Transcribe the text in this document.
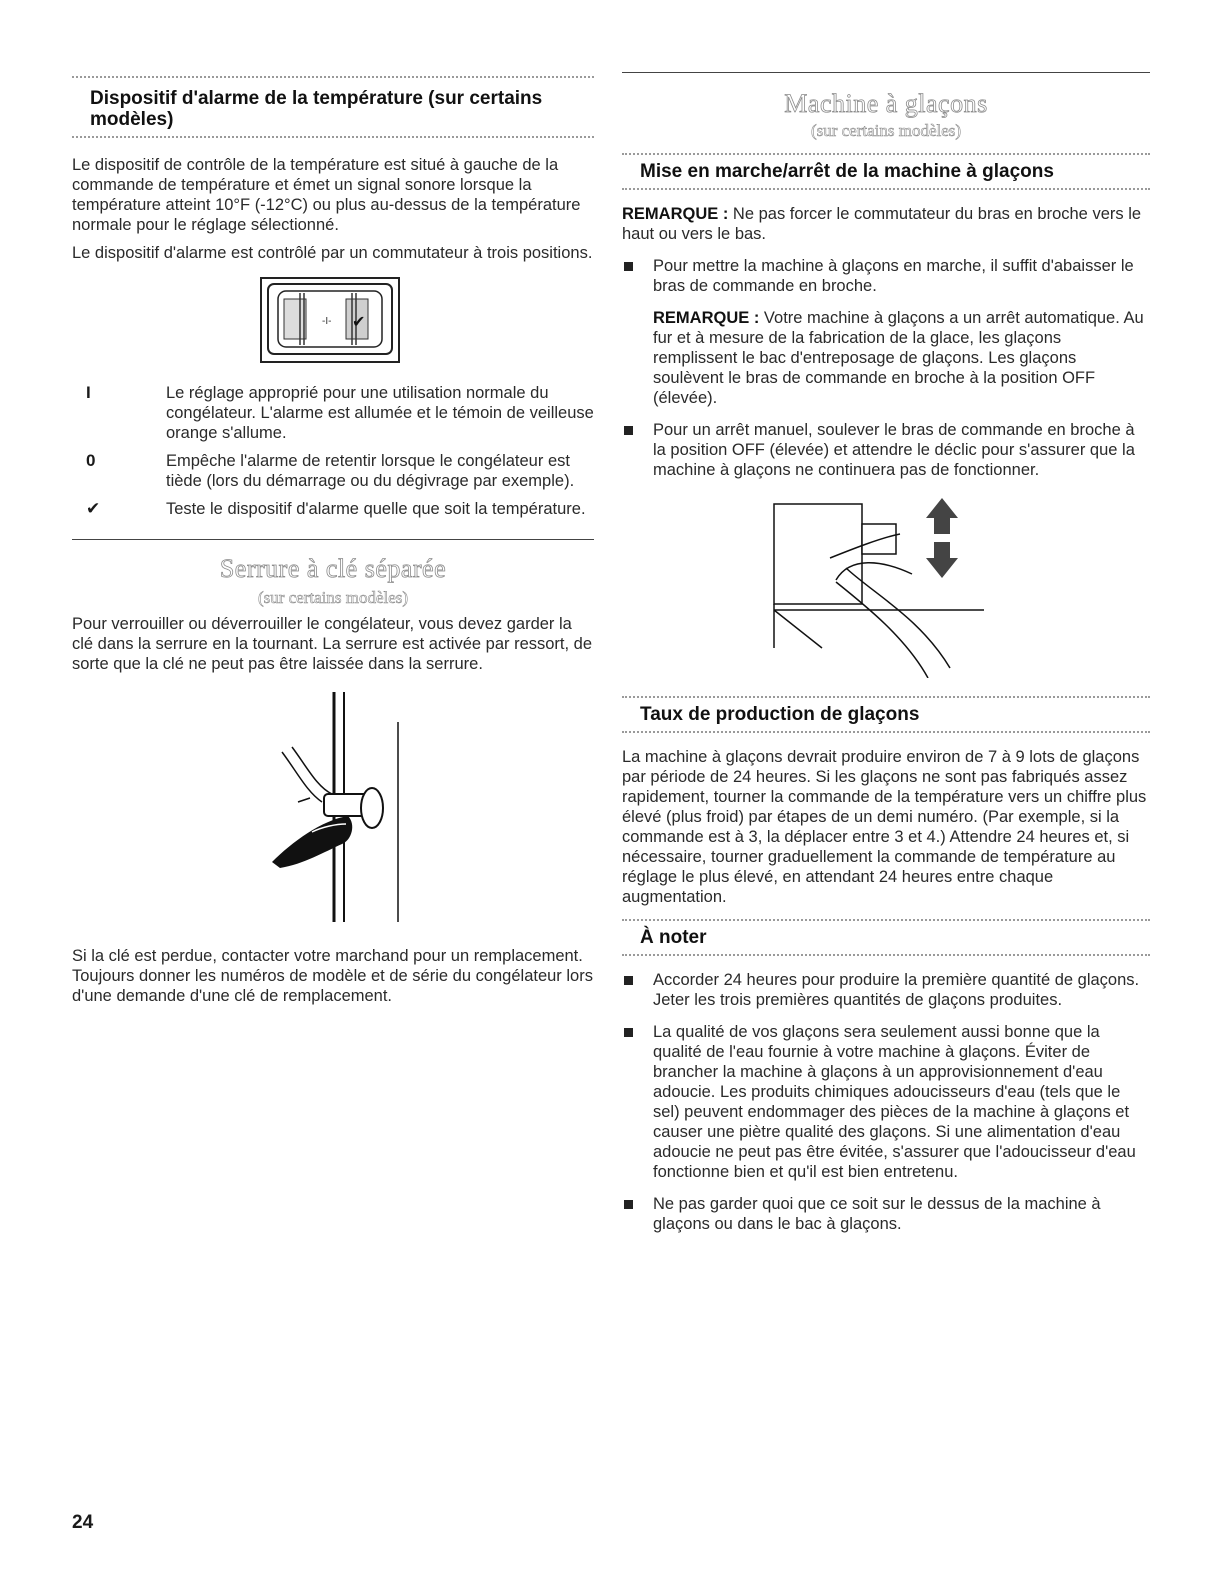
Dispositif d'alarme de la température (sur certains modèles)

Le dispositif de contrôle de la température est situé à gauche de la commande de température et émet un signal sonore lorsque la température atteint 10°F (-12°C) ou plus au-dessus de la température normale pour le réglage sélectionné.

Le dispositif d'alarme est contrôlé par un commutateur à trois positions.

-I- ✔
I	Le réglage approprié pour une utilisation normale du congélateur. L'alarme est allumée et le témoin de veilleuse orange s'allume.
0	Empêche l'alarme de retentir lorsque le congélateur est tiède (lors du démarrage ou du dégivrage par exemple).
✔	Teste le dispositif d'alarme quelle que soit la température.
Serrure à clé séparée
(sur certains modèles)

Pour verrouiller ou déverrouiller le congélateur, vous devez garder la clé dans la serrure en la tournant. La serrure est activée par ressort, de sorte que la clé ne peut pas être laissée dans la serrure.

Si la clé est perdue, contacter votre marchand pour un remplacement. Toujours donner les numéros de modèle et de série du congélateur lors d'une demande d'une clé de remplacement.

Machine à glaçons
(sur certains modèles)
Mise en marche/arrêt de la machine à glaçons

REMARQUE : Ne pas forcer le commutateur du bras en broche vers le haut ou vers le bas.

Pour mettre la machine à glaçons en marche, il suffit d'abaisser le bras de commande en broche.
REMARQUE : Votre machine à glaçons a un arrêt automatique. Au fur et à mesure de la fabrication de la glace, les glaçons remplissent le bac d'entreposage de glaçons. Les glaçons soulèvent le bras de commande en broche à la position OFF (élevée).
Pour un arrêt manuel, soulever le bras de commande en broche à la position OFF (élevée) et attendre le déclic pour s'assurer que la machine à glaçons ne continuera pas de fonctionner.
Taux de production de glaçons

La machine à glaçons devrait produire environ de 7 à 9 lots de glaçons par période de 24 heures. Si les glaçons ne sont pas fabriqués assez rapidement, tourner la commande de la température vers un chiffre plus élevé (plus froid) par étapes de un demi numéro. (Par exemple, si la commande est à 3, la déplacer entre 3 et 4.) Attendre 24 heures et, si nécessaire, tourner graduellement la commande de température au réglage le plus élevé, en attendant 24 heures entre chaque augmentation.

À noter
Accorder 24 heures pour produire la première quantité de glaçons. Jeter les trois premières quantités de glaçons produites.
La qualité de vos glaçons sera seulement aussi bonne que la qualité de l'eau fournie à votre machine à glaçons. Éviter de brancher la machine à glaçons à un approvisionnement d'eau adoucie. Les produits chimiques adoucisseurs d'eau (tels que le sel) peuvent endommager des pièces de la machine à glaçons et causer une piètre qualité des glaçons. Si une alimentation d'eau adoucie ne peut pas être évitée, s'assurer que l'adoucisseur d'eau fonctionne bien et qu'il est bien entretenu.
Ne pas garder quoi que ce soit sur le dessus de la machine à glaçons ou dans le bac à glaçons.
24
